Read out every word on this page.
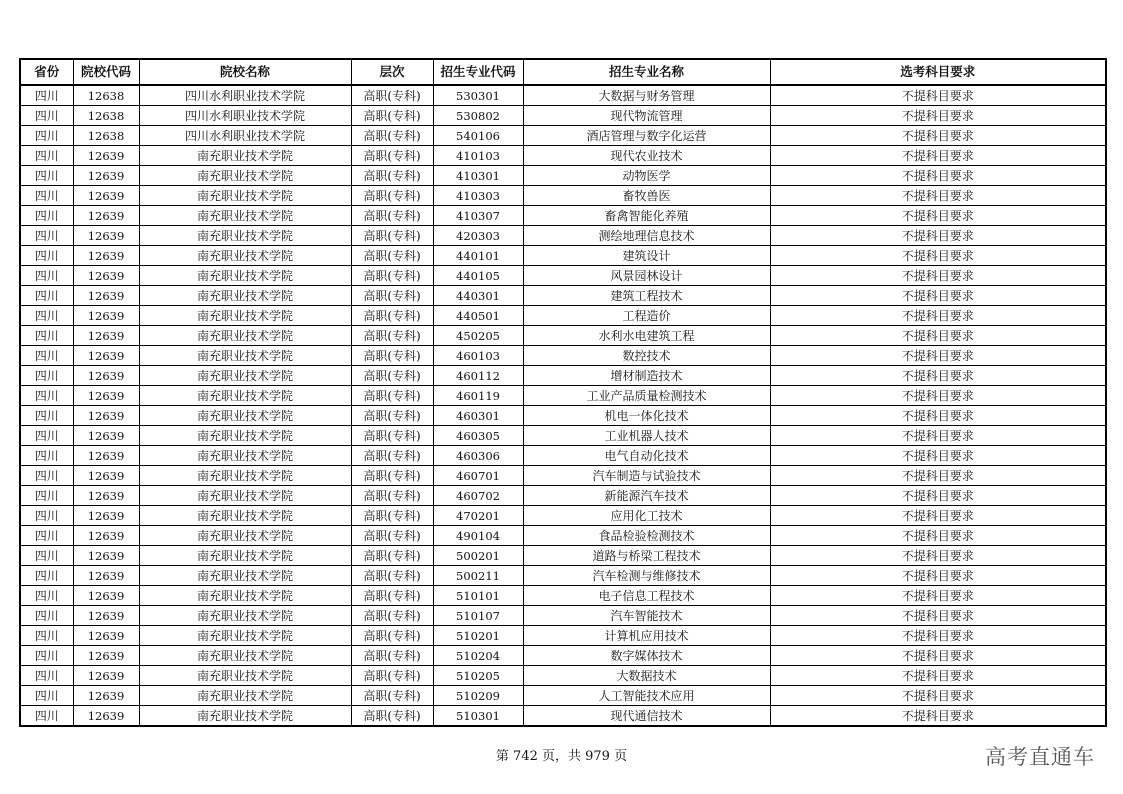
省份	院校代码	院校名称	层次	招生专业代码	招生专业名称	选考科目要求
四川	12638	四川水利职业技术学院	高职(专科)	530301	大数据与财务管理	不提科目要求
四川	12638	四川水利职业技术学院	高职(专科)	530802	现代物流管理	不提科目要求
四川	12638	四川水利职业技术学院	高职(专科)	540106	酒店管理与数字化运营	不提科目要求
四川	12639	南充职业技术学院	高职(专科)	410103	现代农业技术	不提科目要求
四川	12639	南充职业技术学院	高职(专科)	410301	动物医学	不提科目要求
四川	12639	南充职业技术学院	高职(专科)	410303	畜牧兽医	不提科目要求
四川	12639	南充职业技术学院	高职(专科)	410307	畜禽智能化养殖	不提科目要求
四川	12639	南充职业技术学院	高职(专科)	420303	测绘地理信息技术	不提科目要求
四川	12639	南充职业技术学院	高职(专科)	440101	建筑设计	不提科目要求
四川	12639	南充职业技术学院	高职(专科)	440105	风景园林设计	不提科目要求
四川	12639	南充职业技术学院	高职(专科)	440301	建筑工程技术	不提科目要求
四川	12639	南充职业技术学院	高职(专科)	440501	工程造价	不提科目要求
四川	12639	南充职业技术学院	高职(专科)	450205	水利水电建筑工程	不提科目要求
四川	12639	南充职业技术学院	高职(专科)	460103	数控技术	不提科目要求
四川	12639	南充职业技术学院	高职(专科)	460112	增材制造技术	不提科目要求
四川	12639	南充职业技术学院	高职(专科)	460119	工业产品质量检测技术	不提科目要求
四川	12639	南充职业技术学院	高职(专科)	460301	机电一体化技术	不提科目要求
四川	12639	南充职业技术学院	高职(专科)	460305	工业机器人技术	不提科目要求
四川	12639	南充职业技术学院	高职(专科)	460306	电气自动化技术	不提科目要求
四川	12639	南充职业技术学院	高职(专科)	460701	汽车制造与试验技术	不提科目要求
四川	12639	南充职业技术学院	高职(专科)	460702	新能源汽车技术	不提科目要求
四川	12639	南充职业技术学院	高职(专科)	470201	应用化工技术	不提科目要求
四川	12639	南充职业技术学院	高职(专科)	490104	食品检验检测技术	不提科目要求
四川	12639	南充职业技术学院	高职(专科)	500201	道路与桥梁工程技术	不提科目要求
四川	12639	南充职业技术学院	高职(专科)	500211	汽车检测与维修技术	不提科目要求
四川	12639	南充职业技术学院	高职(专科)	510101	电子信息工程技术	不提科目要求
四川	12639	南充职业技术学院	高职(专科)	510107	汽车智能技术	不提科目要求
四川	12639	南充职业技术学院	高职(专科)	510201	计算机应用技术	不提科目要求
四川	12639	南充职业技术学院	高职(专科)	510204	数字媒体技术	不提科目要求
四川	12639	南充职业技术学院	高职(专科)	510205	大数据技术	不提科目要求
四川	12639	南充职业技术学院	高职(专科)	510209	人工智能技术应用	不提科目要求
四川	12639	南充职业技术学院	高职(专科)	510301	现代通信技术	不提科目要求
第 742 页，共 979 页	高考直通车
